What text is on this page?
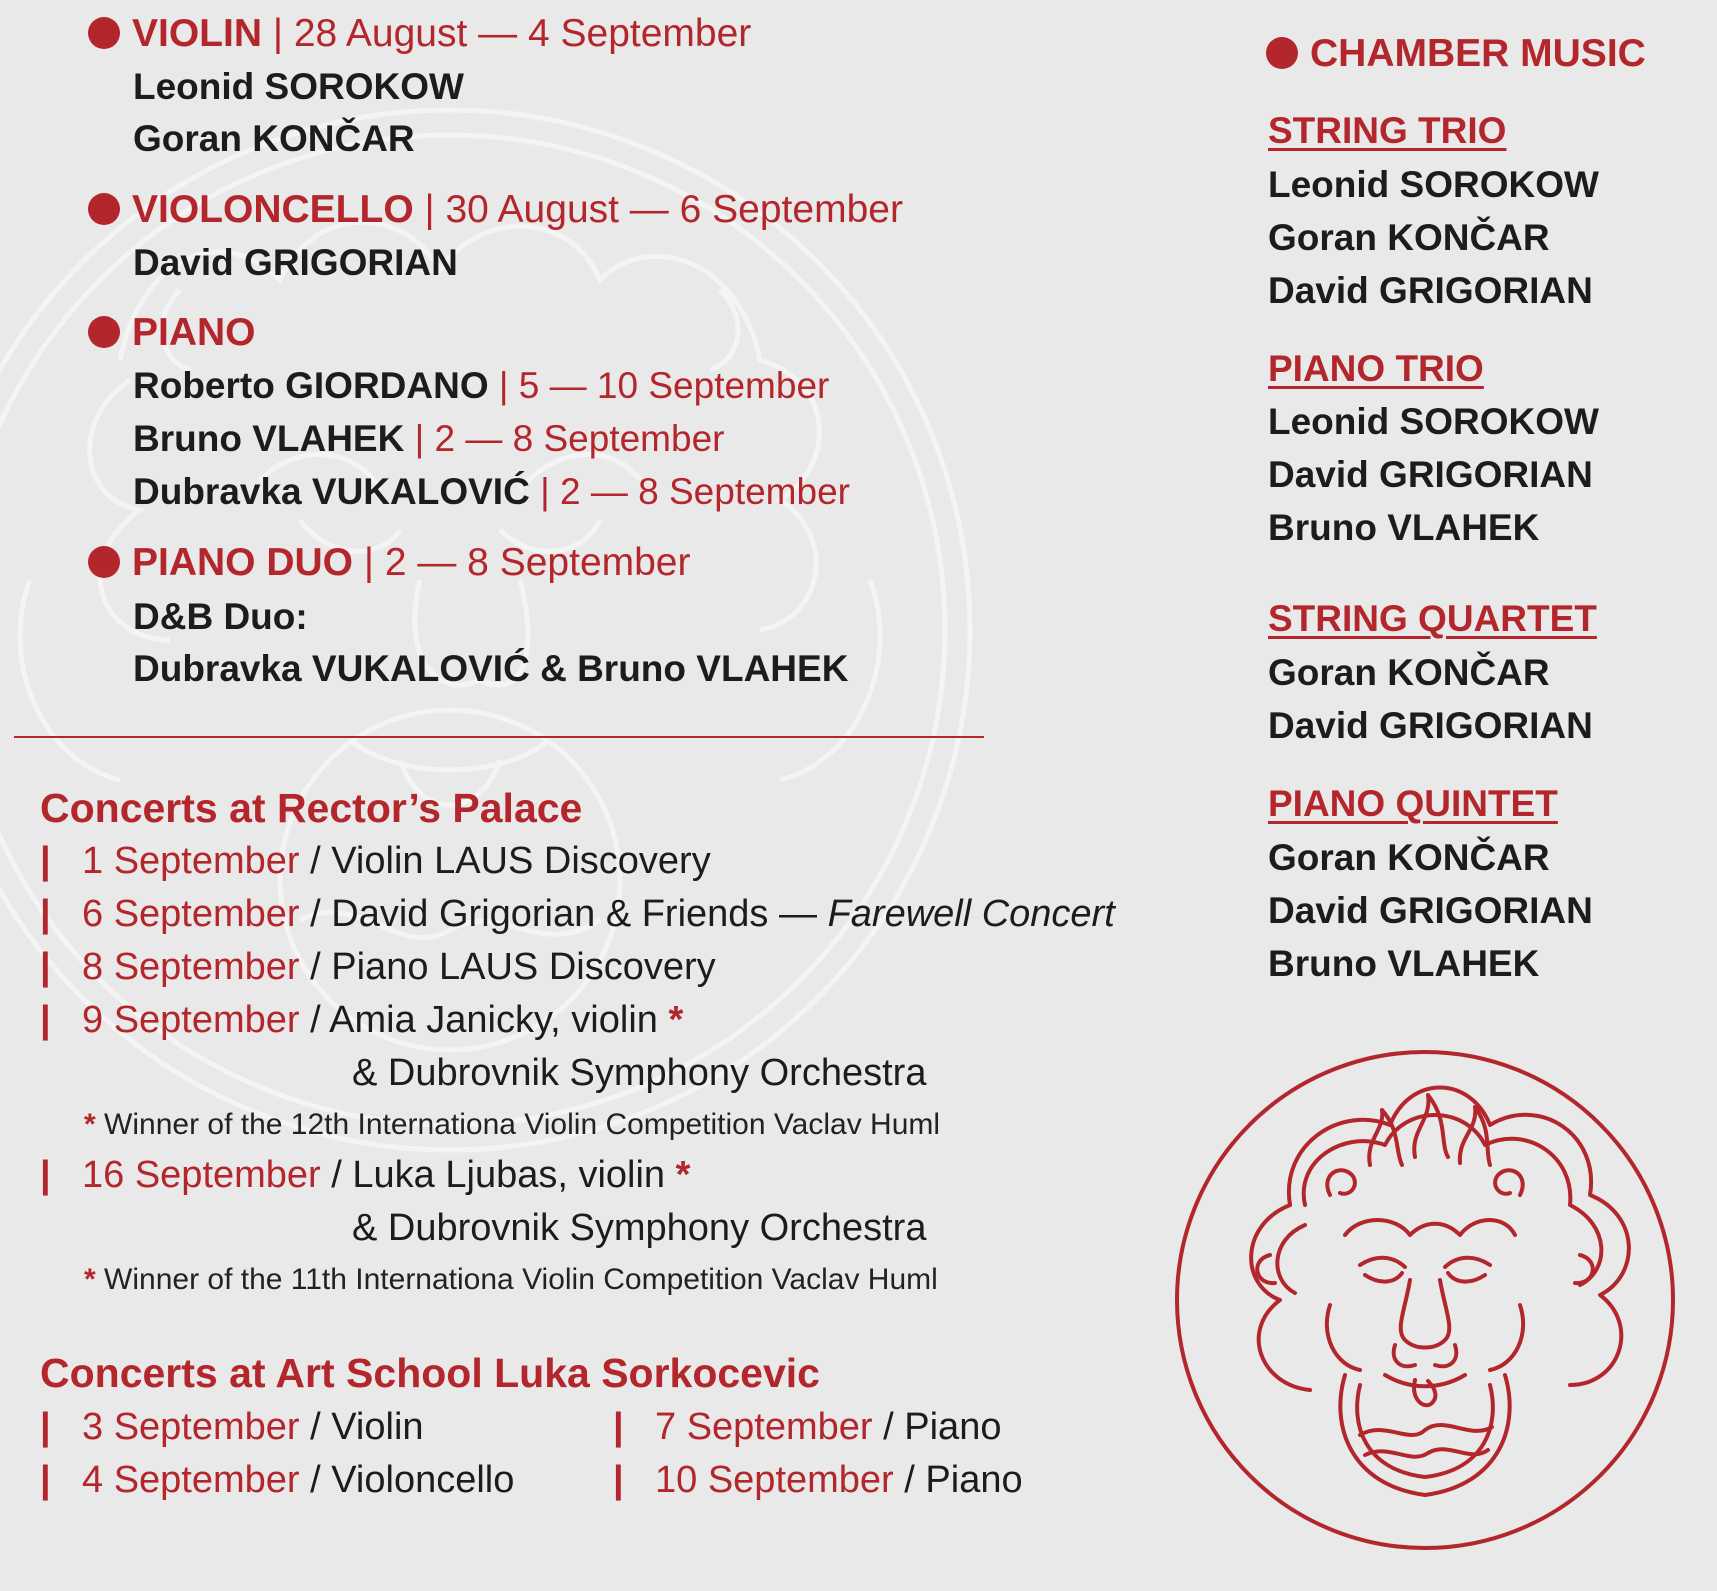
VIOLIN | 28 August — 4 September
Leonid SOROKOW
Goran KONČAR
VIOLONCELLO | 30 August — 6 September
David GRIGORIAN
PIANO
Roberto GIORDANO | 5 — 10 September
Bruno VLAHEK | 2 — 8 September
Dubravka VUKALOVIĆ | 2 — 8 September
PIANO DUO | 2 — 8 September
D&B Duo:
Dubravka VUKALOVIĆ & Bruno VLAHEK
CHAMBER MUSIC
STRING TRIO
Leonid SOROKOW
Goran KONČAR
David GRIGORIAN
PIANO TRIO
Leonid SOROKOW
David GRIGORIAN
Bruno VLAHEK
STRING QUARTET
Goran KONČAR
David GRIGORIAN
PIANO QUINTET
Goran KONČAR
David GRIGORIAN
Bruno VLAHEK
Concerts at Rector’s Palace
| 1 September / Violin LAUS Discovery
| 6 September / David Grigorian & Friends — Farewell Concert
| 8 September / Piano LAUS Discovery
| 9 September / Amia Janicky, violin *
& Dubrovnik Symphony Orchestra
* Winner of the 12th Internationa Violin Competition Vaclav Huml
| 16 September / Luka Ljubas, violin *
& Dubrovnik Symphony Orchestra
* Winner of the 11th Internationa Violin Competition Vaclav Huml
Concerts at Art School Luka Sorkocevic
| 3 September / Violin
| 4 September / Violoncello
| 7 September / Piano
| 10 September / Piano
